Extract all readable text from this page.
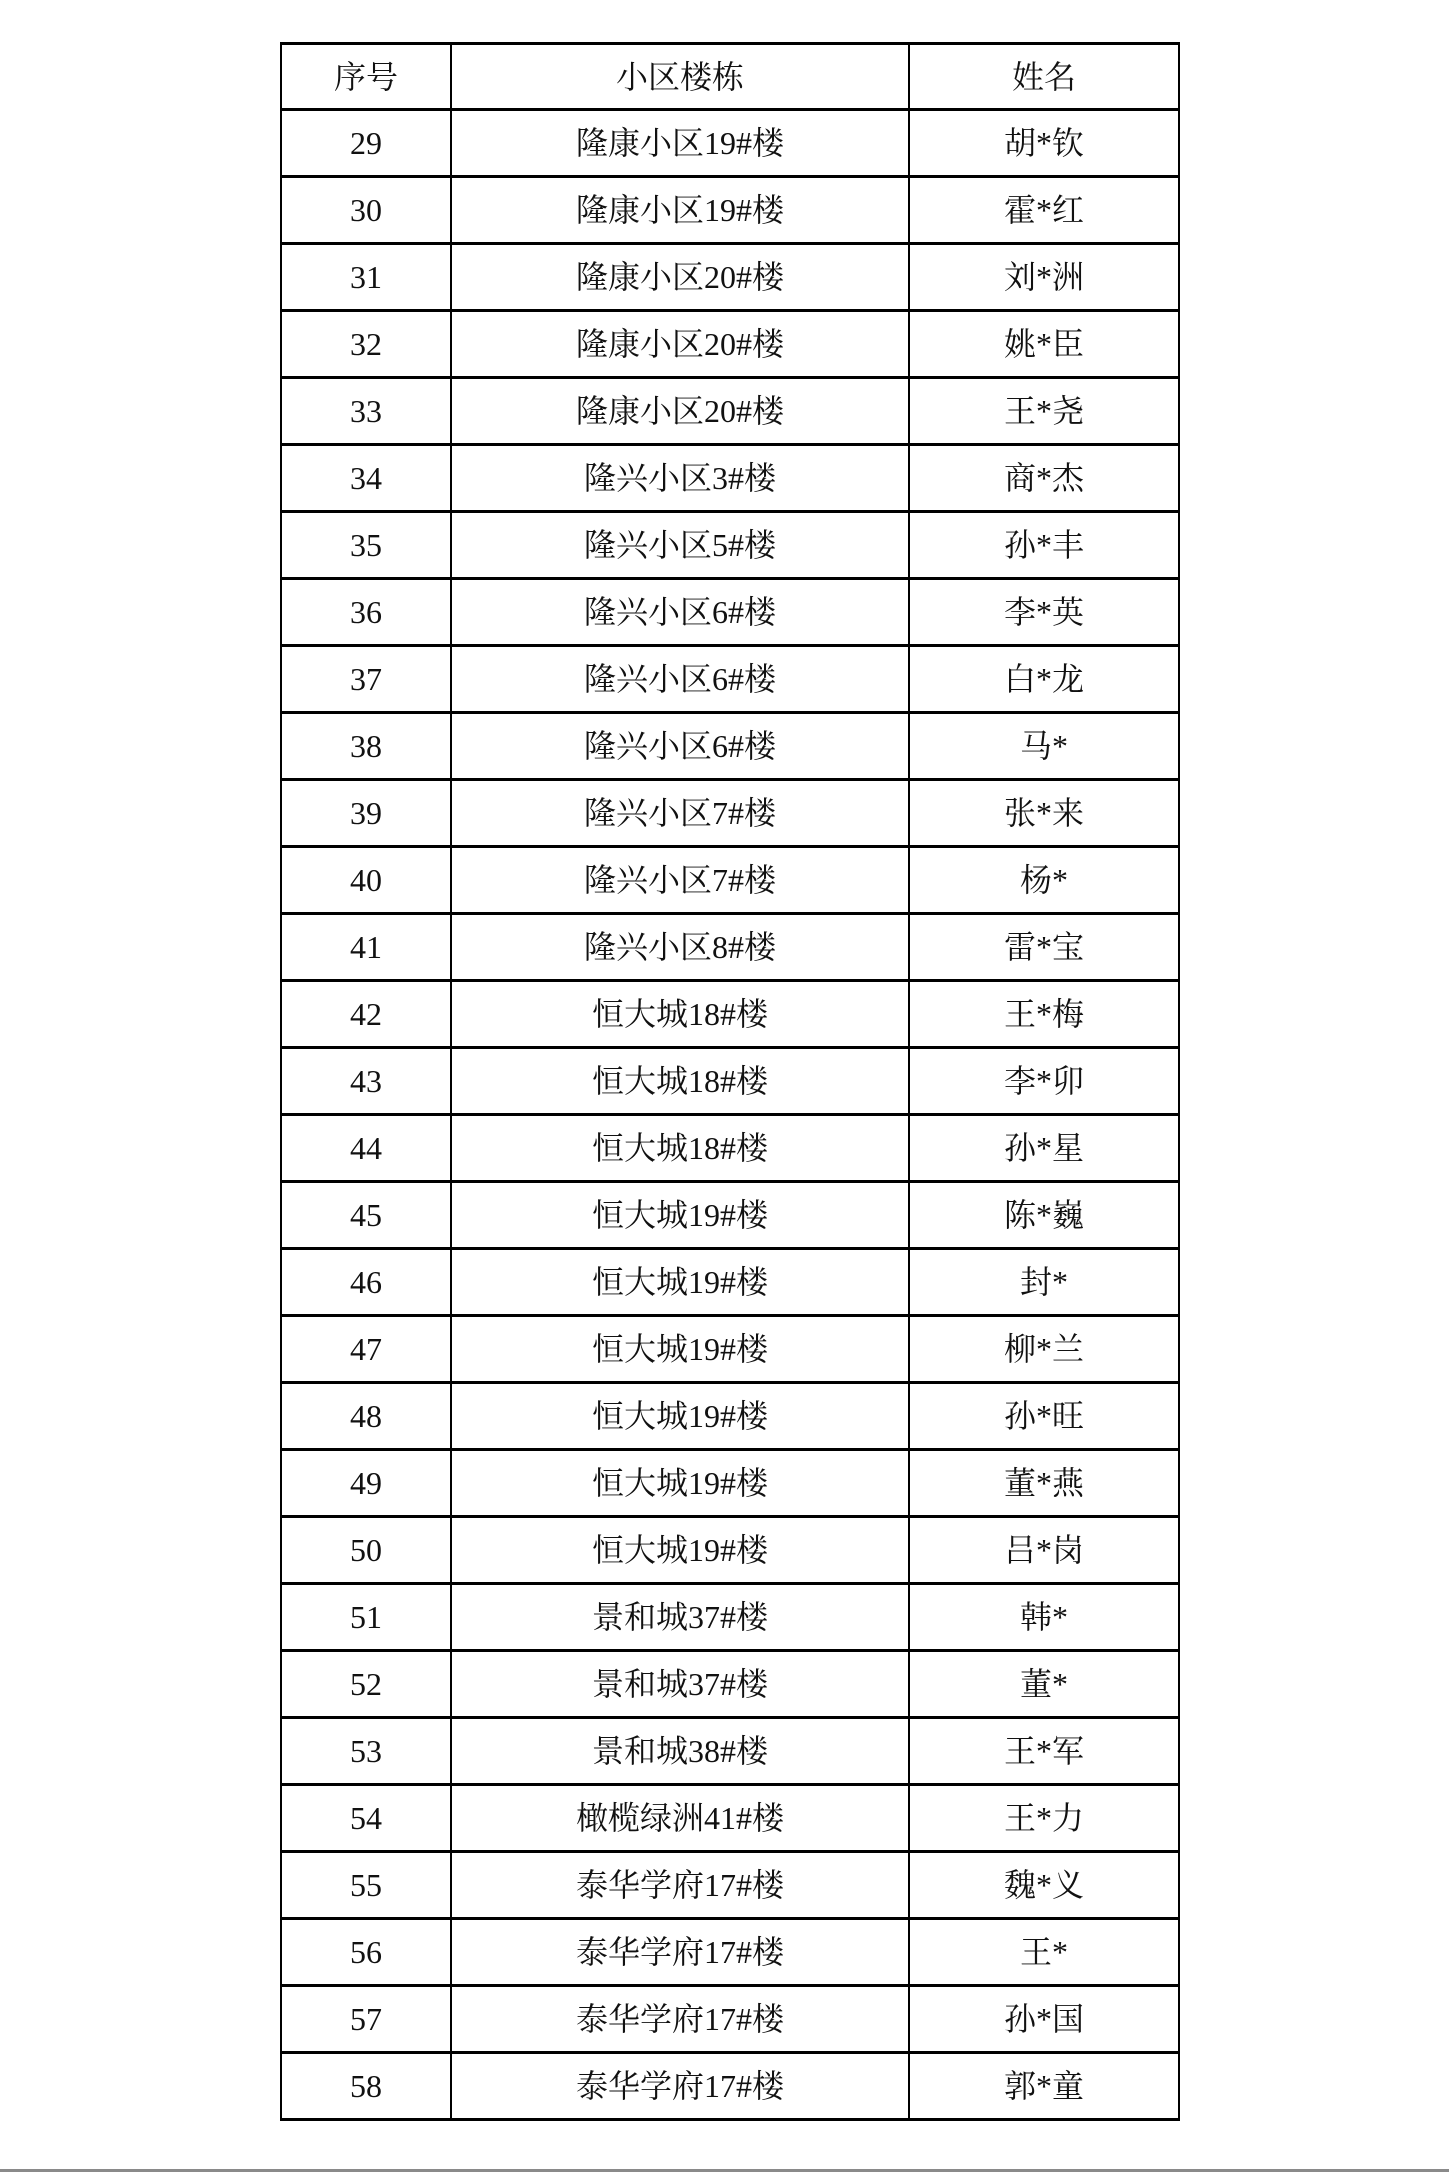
序号	小区楼栋	姓名
29	隆康小区19#楼	胡*钦
30	隆康小区19#楼	霍*红
31	隆康小区20#楼	刘*洲
32	隆康小区20#楼	姚*臣
33	隆康小区20#楼	王*尧
34	隆兴小区3#楼	商*杰
35	隆兴小区5#楼	孙*丰
36	隆兴小区6#楼	李*英
37	隆兴小区6#楼	白*龙
38	隆兴小区6#楼	马*
39	隆兴小区7#楼	张*来
40	隆兴小区7#楼	杨*
41	隆兴小区8#楼	雷*宝
42	恒大城18#楼	王*梅
43	恒大城18#楼	李*卯
44	恒大城18#楼	孙*星
45	恒大城19#楼	陈*巍
46	恒大城19#楼	封*
47	恒大城19#楼	柳*兰
48	恒大城19#楼	孙*旺
49	恒大城19#楼	董*燕
50	恒大城19#楼	吕*岗
51	景和城37#楼	韩*
52	景和城37#楼	董*
53	景和城38#楼	王*军
54	橄榄绿洲41#楼	王*力
55	泰华学府17#楼	魏*义
56	泰华学府17#楼	王*
57	泰华学府17#楼	孙*国
58	泰华学府17#楼	郭*童
